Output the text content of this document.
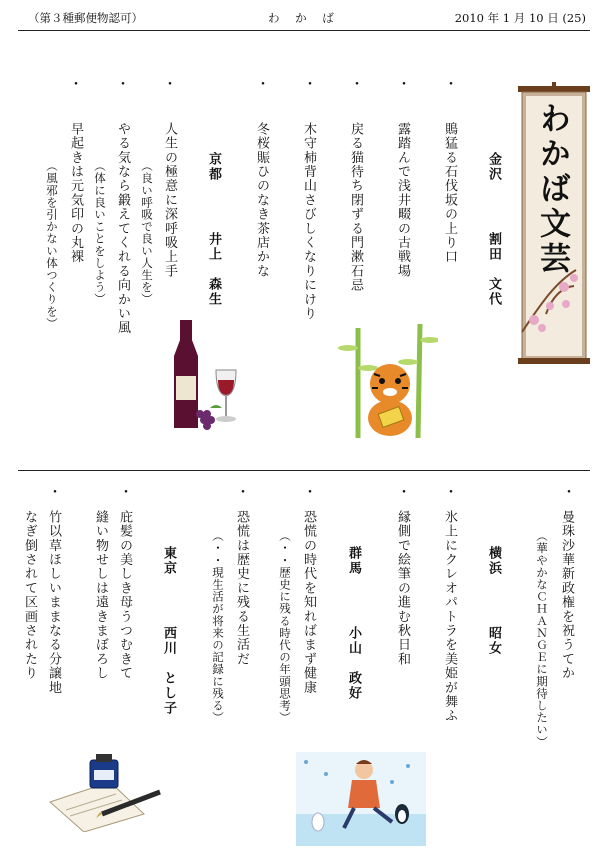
（第３種郵便物認可）	わ か ば	2010 年 1 月 10 日 (25)
わかば文芸
金沢
割田　文代
・
鵙猛る石伐坂の上り口
・
露踏んで浅井畷の古戦場
・
戻る猫待ち閉ずる門漱石忌
・
木守柿背山さびしくなりにけり
・
冬桜賑ひのなき茶店かな
京都
井上　森生
・
人生の極意に深呼吸上手
（良い呼吸で良い人生を）
・
やる気なら鍛えてくれる向かい風
（体に良いことをしよう）
・
早起きは元気印の丸裸
（風邪を引かない体つくりを）
・
曼珠沙華新政権を祝うてか
（華やかなＣＨＡＮＧＥに期待したい）
横浜
昭女
・
氷上にクレオパトラを美姫が舞ふ
・
縁側で絵筆の進む秋日和
群馬
小山　政好
・
恐慌の時代を知ればまず健康
（・・歴史に残る時代の年頭思考）
・
恐慌は歴史に残る生活だ
（・・現生活が将来の記録に残る）
東京
西川　とし子
・
庇髪の美しき母うつむきて
縫い物せしは遠きまぼろし
・
竹以草ほしいままなる分譲地
なぎ倒されて区画されたり
